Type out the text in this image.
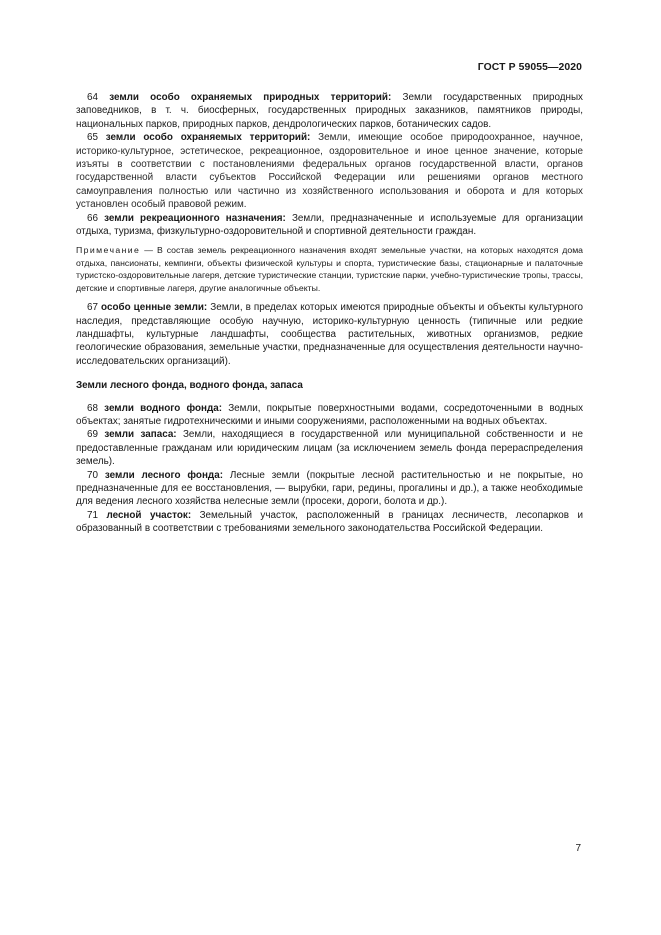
ГОСТ Р 59055—2020

64 земли особо охраняемых природных территорий: Земли государственных природных заповедников, в т. ч. биосферных, государственных природных заказников, памятников природы, национальных парков, природных парков, дендрологических парков, ботанических садов.

65 земли особо охраняемых территорий: Земли, имеющие особое природоохранное, научное, историко-культурное, эстетическое, рекреационное, оздоровительное и иное ценное значение, которые изъяты в соответствии с постановлениями федеральных органов государственной власти, органов государственной власти субъектов Российской Федерации или решениями органов местного самоуправления полностью или частично из хозяйственного использования и оборота и для которых установлен особый правовой режим.

66 земли рекреационного назначения: Земли, предназначенные и используемые для организации отдыха, туризма, физкультурно-оздоровительной и спортивной деятельности граждан.

Примечание — В состав земель рекреационного назначения входят земельные участки, на которых находятся дома отдыха, пансионаты, кемпинги, объекты физической культуры и спорта, туристические базы, стационарные и палаточные туристско-оздоровительные лагеря, детские туристические станции, туристские парки, учебно-туристические тропы, трассы, детские и спортивные лагеря, другие аналогичные объекты.

67 особо ценные земли: Земли, в пределах которых имеются природные объекты и объекты культурного наследия, представляющие особую научную, историко-культурную ценность (типичные или редкие ландшафты, культурные ландшафты, сообщества растительных, животных организмов, редкие геологические образования, земельные участки, предназначенные для осуществления деятельности научно-исследовательских организаций).

Земли лесного фонда, водного фонда, запаса

68 земли водного фонда: Земли, покрытые поверхностными водами, сосредоточенными в водных объектах; занятые гидротехническими и иными сооружениями, расположенными на водных объектах.

69 земли запаса: Земли, находящиеся в государственной или муниципальной собственности и не предоставленные гражданам или юридическим лицам (за исключением земель фонда перераспределения земель).

70 земли лесного фонда: Лесные земли (покрытые лесной растительностью и не покрытые, но предназначенные для ее восстановления, — вырубки, гари, редины, прогалины и др.), а также необходимые для ведения лесного хозяйства нелесные земли (просеки, дороги, болота и др.).

71 лесной участок: Земельный участок, расположенный в границах лесничеств, лесопарков и образованный в соответствии с требованиями земельного законодательства Российской Федерации.

7
